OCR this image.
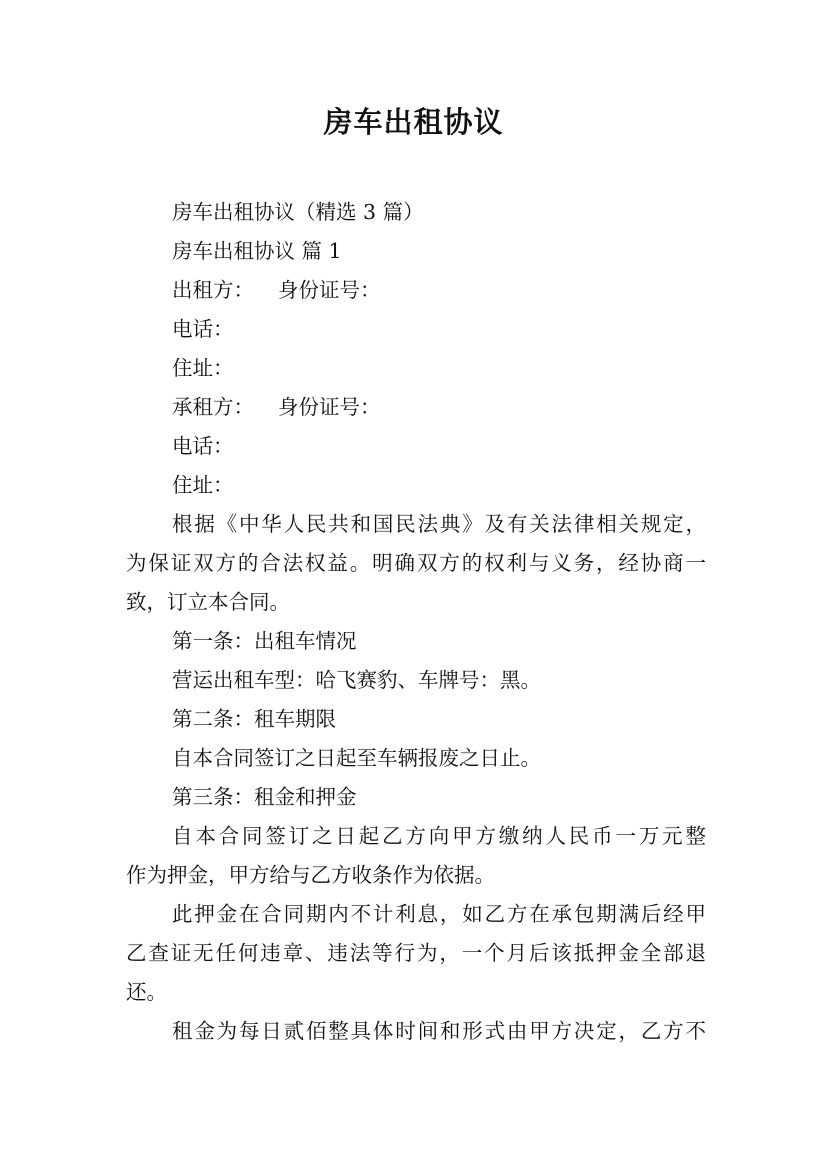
房车出租协议
房车出租协议（精选 3 篇）
房车出租协议 篇 1
出租方： 身份证号：
电话：
住址：
承租方： 身份证号：
电话：
住址：
根据《中华人民共和国民法典》及有关法律相关规定，
为保证双方的合法权益。明确双方的权利与义务，经协商一
致，订立本合同。
第一条：出租车情况
营运出租车型：哈飞赛豹、车牌号：黑。
第二条：租车期限
自本合同签订之日起至车辆报废之日止。
第三条：租金和押金
自本合同签订之日起乙方向甲方缴纳人民币一万元整
作为押金，甲方给与乙方收条作为依据。
此押金在合同期内不计利息，如乙方在承包期满后经甲
乙查证无任何违章、违法等行为，一个月后该抵押金全部退
还。
租金为每日贰佰整具体时间和形式由甲方决定，乙方不
